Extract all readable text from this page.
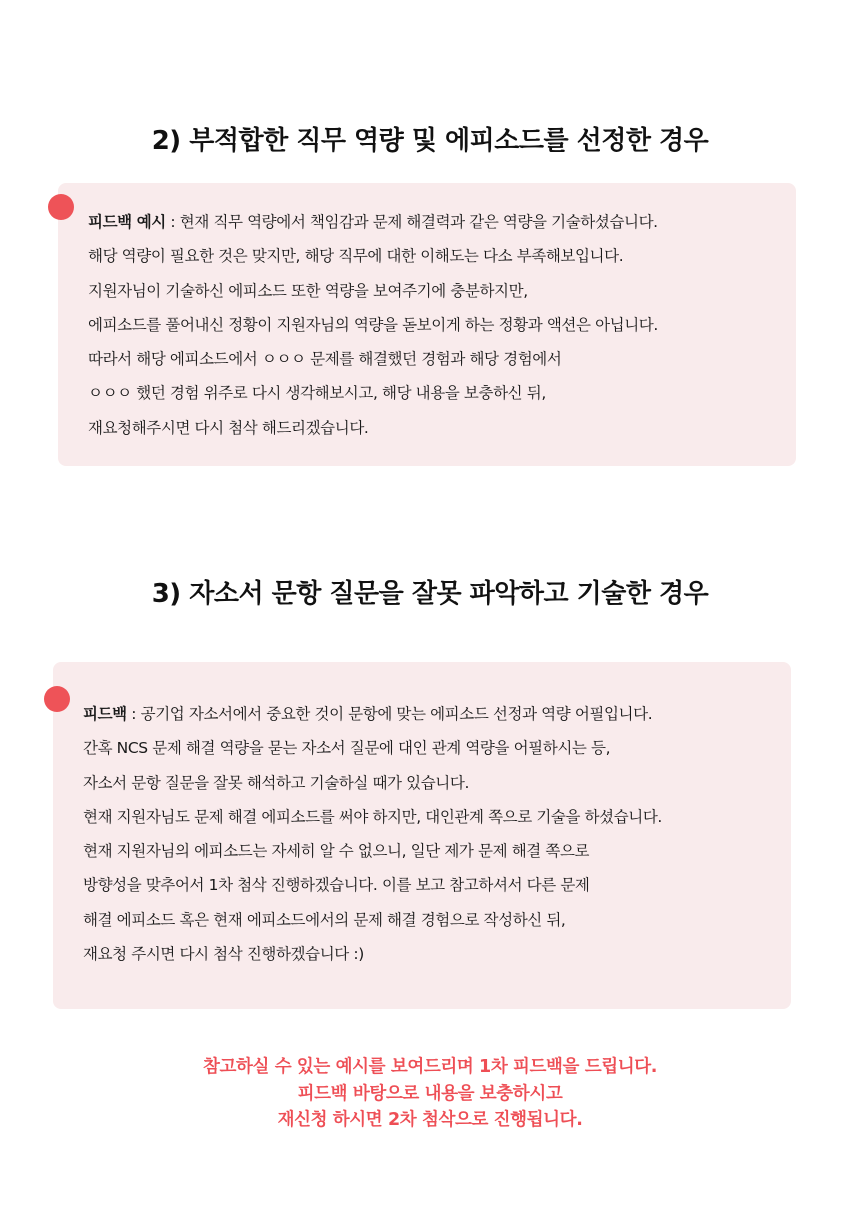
2) 부적합한 직무 역량 및 에피소드를 선정한 경우
피드백 예시 : 현재 직무 역량에서 책임감과 문제 해결력과 같은 역량을 기술하셨습니다.
해당 역량이 필요한 것은 맞지만, 해당 직무에 대한 이해도는 다소 부족해보입니다.
지원자님이 기술하신 에피소드 또한 역량을 보여주기에 충분하지만,
에피소드를 풀어내신 정황이 지원자님의 역량을 돋보이게 하는 정황과 액션은 아닙니다.
따라서 해당 에피소드에서 ㅇㅇㅇ 문제를 해결했던 경험과 해당 경험에서
ㅇㅇㅇ 했던 경험 위주로 다시 생각해보시고, 해당 내용을 보충하신 뒤,
재요청해주시면 다시 첨삭 해드리겠습니다.
3) 자소서 문항 질문을 잘못 파악하고 기술한 경우
피드백 : 공기업 자소서에서 중요한 것이 문항에 맞는 에피소드 선정과 역량 어필입니다.
간혹 NCS 문제 해결 역량을 묻는 자소서 질문에 대인 관계 역량을 어필하시는 등,
자소서 문항 질문을 잘못 해석하고 기술하실 때가 있습니다.
현재 지원자님도 문제 해결 에피소드를 써야 하지만, 대인관계 쪽으로 기술을 하셨습니다.
현재 지원자님의 에피소드는 자세히 알 수 없으니, 일단 제가 문제 해결 쪽으로
방향성을 맞추어서 1차 첨삭 진행하겠습니다. 이를 보고 참고하셔서 다른 문제
해결 에피소드 혹은 현재 에피소드에서의 문제 해결 경험으로 작성하신 뒤,
재요청 주시면 다시 첨삭 진행하겠습니다 :)
참고하실 수 있는 예시를 보여드리며 1차 피드백을 드립니다.
피드백 바탕으로 내용을 보충하시고
재신청 하시면 2차 첨삭으로 진행됩니다.
